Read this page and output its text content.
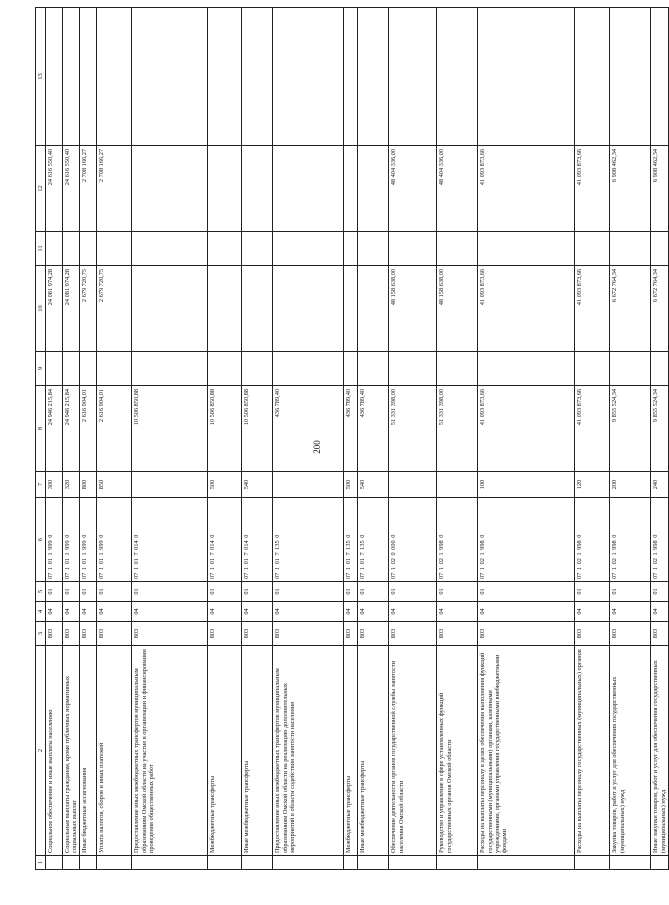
200
1	2	3	4	5	6	7	8	9	10	11	12	13
	Социальное обеспечение и иные выплаты населению	803	04	01	07 1 01 1 999 0	300	24 946 215,84		24 081 974,28		24 616 550,40	
	Социальные выплаты гражданам, кроме публичных нормативных социальных выплат	803	04	01	07 1 01 1 999 0	320	24 946 215,84		24 081 974,28		24 616 550,40	
	Иные бюджетные ассигнования	803	04	01	07 1 01 1 999 0	800	2 616 904,01		2 679 720,75		2 708 166,27	
	Уплата налогов, сборов и иных платежей	803	04	01	07 1 01 1 999 0	850	2 616 904,01		2 679 720,75		2 708 166,27	
	Предоставление иных межбюджетных трансфертов муниципальным образованиям Омской области на участие в организации и финансировании проведения общественных работ	803	04	01	07 1 01 7 014 0		10 506 850,88					
	Межбюджетные трансферты	803	04	01	07 1 01 7 014 0	500	10 506 850,88					
	Иные межбюджетные трансферты	803	04	01	07 1 01 7 014 0	540	10 506 850,88					
	Предоставление иных межбюджетных трансфертов муниципальным образованиям Омской области на реализацию дополнительных мероприятий в области содействия занятости населения	803	04	01	07 1 01 7 135 0		436 789,40					
	Межбюджетные трансферты	803	04	01	07 1 01 7 135 0	500	436 789,40					
	Иные межбюджетные трансферты	803	04	01	07 1 01 7 135 0	540	436 789,40					
	Обеспечение деятельности органов государственной службы занятости населения Омской области	803	04	01	07 1 02 0 000 0		51 331 398,00		48 158 638,00		48 404 336,00	
	Руководство и управление в сфере установленных функций государственных органов Омской области	803	04	01	07 1 02 1 998 0		51 331 398,00		48 158 638,00		48 404 336,00	
	Расходы на выплаты персоналу в целях обеспечения выполнения функций государственными (муниципальными) органами, казенными учреждениями, органами управления государственными внебюджетными фондами	803	04	01	07 1 02 1 998 0	100	41 093 873,66		41 093 873,66		41 093 873,66	
	Расходы на выплаты персоналу государственных (муниципальных) органов	803	04	01	07 1 02 1 998 0	120	41 093 873,66		41 093 873,66		41 093 873,66	
	Закупка товаров, работ и услуг для обеспечения государственных (муниципальных) нужд	803	04	01	07 1 02 1 998 0	200	9 855 524,34		6 672 764,34		6 908 462,34	
	Иные закупки товаров, работ и услуг для обеспечения государственных (муниципальных) нужд	803	04	01	07 1 02 1 998 0	240	9 855 524,34		6 672 764,34		6 908 462,34	
